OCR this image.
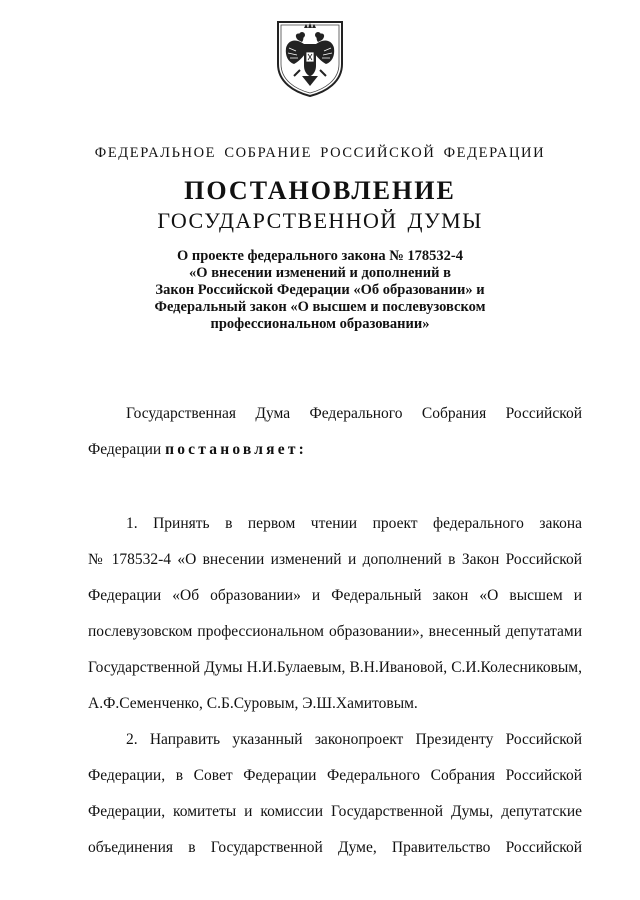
ФЕДЕРАЛЬНОЕ СОБРАНИЕ РОССИЙСКОЙ ФЕДЕРАЦИИ
ПОСТАНОВЛЕНИЕ
ГОСУДАРСТВЕННОЙ ДУМЫ
О проекте федерального закона № 178532-4
«О внесении изменений и дополнений в
Закон Российской Федерации «Об образовании» и
Федеральный закон «О высшем и послевузовском
профессиональном образовании»
Государственная Дума Федерального Собрания Российской
Федерации постановляет:
1. Принять в первом чтении проект федерального закона
№ 178532-4 «О внесении изменений и дополнений в Закон Российской
Федерации «Об образовании» и Федеральный закон «О высшем и
послевузовском профессиональном образовании», внесенный депутатами
Государственной Думы Н.И.Булаевым, В.Н.Ивановой, С.И.Колесниковым,
А.Ф.Семенченко, С.Б.Суровым, Э.Ш.Хамитовым.
2. Направить указанный законопроект Президенту Российской
Федерации, в Совет Федерации Федерального Собрания Российской
Федерации, комитеты и комиссии Государственной Думы, депутатские
объединения в Государственной Думе, Правительство Российской
